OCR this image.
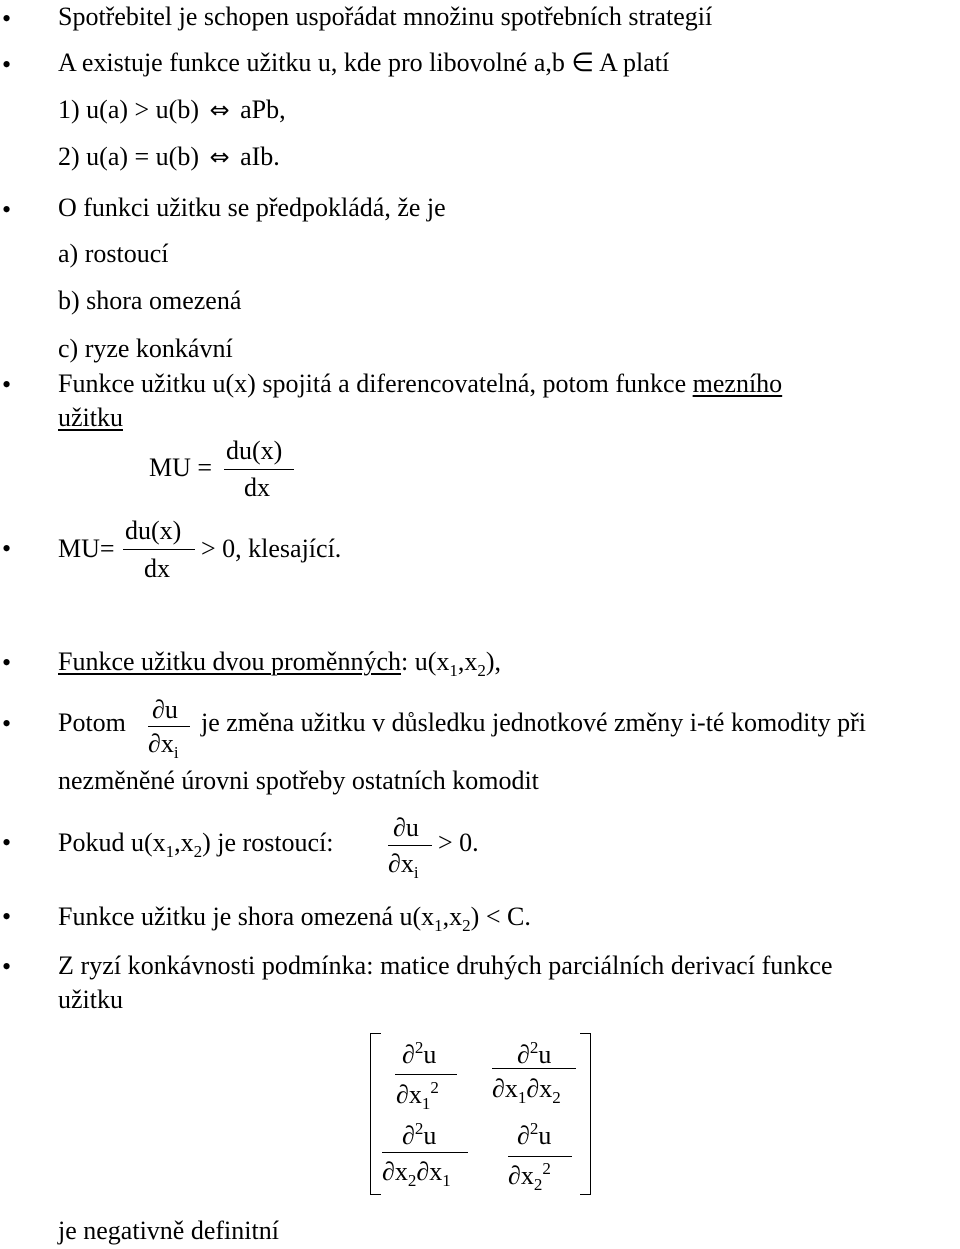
•
•
•
•
•
•
•
•
•
•
Spotřebitel je schopen uspořádat množinu spotřebních strategií
A existuje funkce užitku u, kde pro libovolné a,b ∈ A platí
1) u(a) > u(b) ⇔ aPb,
2) u(a) = u(b) ⇔ aIb.
O funkci užitku se předpokládá, že je
a) rostoucí
b) shora omezená
c) ryze konkávní
Funkce užitku u(x) spojitá a diferencovatelná, potom funkce mezního
užitku
MU =
du(x)
dx
MU=
du(x)
dx
> 0, klesající.
Funkce užitku dvou proměnných: $u(x_1,x_2)$,
Potom ∂u
$\partial x_i$
je změna užitku v důsledku jednotkové změny i-té komodity při
nezměněné úrovni spotřeby ostatních komodit
Pokud $u(x_1,x_2)$ je rostoucí:
∂u
$\partial x_i$
> 0.
Funkce užitku je shora omezená $u(x_1,x_2) < C$.
Z ryzí konkávnosti podmínka: matice druhých parciálních derivací funkce
užitku
∂$^2$u
$\partial x_1^2$
∂$^2$u
$\partial x_1\partial x_2$
∂$^2$u
$\partial x_2\partial x_1$
∂$^2$u
$\partial x_2^2$
je negativně definitní
